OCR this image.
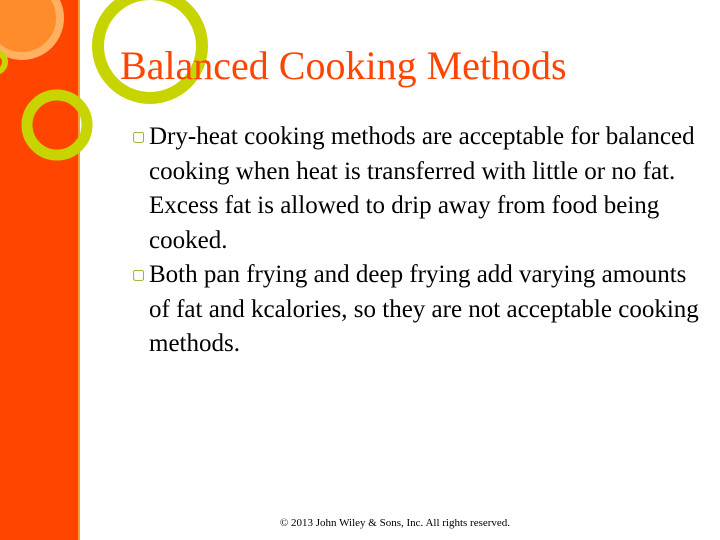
Balanced Cooking Methods
▢ Dry-heat cooking methods are acceptable for balanced cooking when heat is transferred with little or no fat. Excess fat is allowed to drip away from food being cooked.
▢ Both pan frying and deep frying add varying amounts of fat and kcalories, so they are not acceptable cooking methods.
© 2013 John Wiley & Sons, Inc. All rights reserved.
